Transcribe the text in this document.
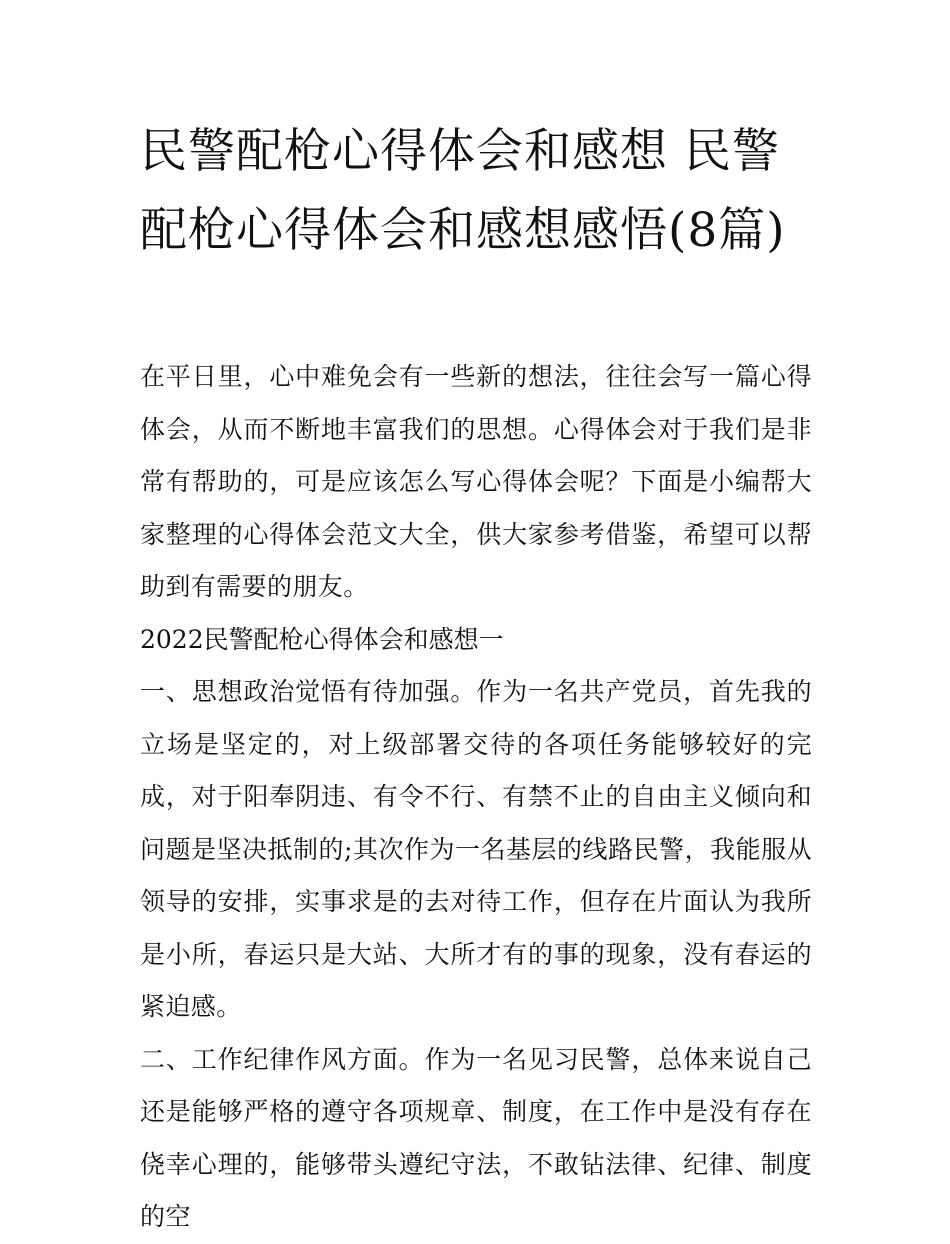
民警配枪心得体会和感想 民警配枪心得体会和感想感悟(8篇)

在平日里，心中难免会有一些新的想法，往往会写一篇心得体会，从而不断地丰富我们的思想。心得体会对于我们是非常有帮助的，可是应该怎么写心得体会呢？下面是小编帮大家整理的心得体会范文大全，供大家参考借鉴，希望可以帮助到有需要的朋友。

2022民警配枪心得体会和感想一

一、思想政治觉悟有待加强。作为一名共产党员，首先我的立场是坚定的，对上级部署交待的各项任务能够较好的完成，对于阳奉阴违、有令不行、有禁不止的自由主义倾向和问题是坚决抵制的;其次作为一名基层的线路民警，我能服从领导的安排，实事求是的去对待工作，但存在片面认为我所是小所，春运只是大站、大所才有的事的现象，没有春运的紧迫感。

二、工作纪律作风方面。作为一名见习民警，总体来说自己还是能够严格的遵守各项规章、制度，在工作中是没有存在侥幸心理的，能够带头遵纪守法，不敢钻法律、纪律、制度的空
